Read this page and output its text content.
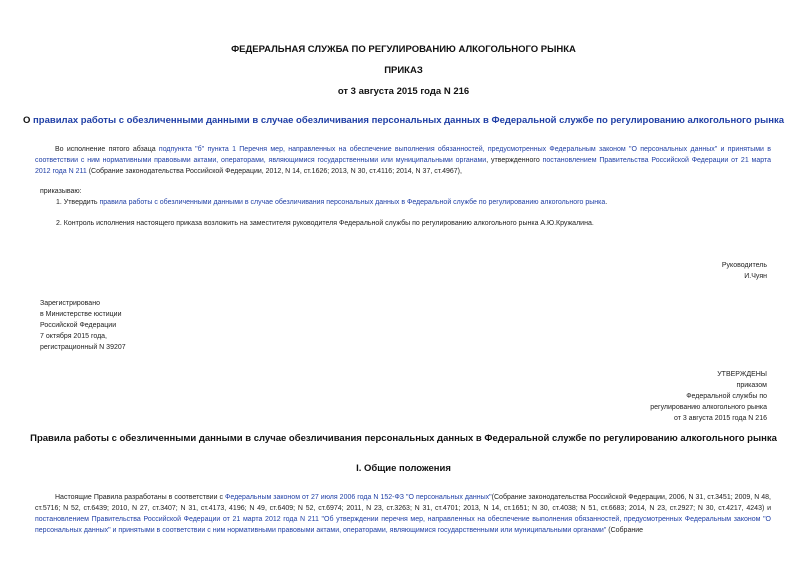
ФЕДЕРАЛЬНАЯ СЛУЖБА ПО РЕГУЛИРОВАНИЮ АЛКОГОЛЬНОГО РЫНКА
ПРИКАЗ
от 3 августа 2015 года N 216
О правилах работы с обезличенными данными в случае обезличивания персональных данных в Федеральной службе по регулированию алкогольного рынка
Во исполнение пятого абзаца подпункта "б" пункта 1 Перечня мер, направленных на обеспечение выполнения обязанностей, предусмотренных Федеральным законом "О персональных данных" и принятыми в соответствии с ним нормативными правовыми актами, операторами, являющимися государственными или муниципальными органами, утвержденного постановлением Правительства Российской Федерации от 21 марта 2012 года N 211 (Собрание законодательства Российской Федерации, 2012, N 14, ст.1626; 2013, N 30, ст.4116; 2014, N 37, ст.4967),
приказываю:
1. Утвердить правила работы с обезличенными данными в случае обезличивания персональных данных в Федеральной службе по регулированию алкогольного рынка.
2. Контроль исполнения настоящего приказа возложить на заместителя руководителя Федеральной службы по регулированию алкогольного рынка А.Ю.Кружалина.
Руководитель
И.Чуян
Зарегистрировано
в Министерстве юстиции
Российской Федерации
7 октября 2015 года,
регистрационный N 39207
УТВЕРЖДЕНЫ
приказом
Федеральной службы по
регулированию алкогольного рынка
от 3 августа 2015 года N 216
Правила работы с обезличенными данными в случае обезличивания персональных данных в Федеральной службе по регулированию алкогольного рынка
I. Общие положения
Настоящие Правила разработаны в соответствии с Федеральным законом от 27 июля 2006 года N 152-ФЗ "О персональных данных"(Собрание законодательства Российской Федерации, 2006, N 31, ст.3451; 2009, N 48, ст.5716; N 52, ст.6439; 2010, N 27, ст.3407; N 31, ст.4173, 4196; N 49, ст.6409; N 52, ст.6974; 2011, N 23, ст.3263; N 31, ст.4701; 2013, N 14, ст.1651; N 30, ст.4038; N 51, ст.6683; 2014, N 23, ст.2927; N 30, ст.4217, 4243) и постановлением Правительства Российской Федерации от 21 марта 2012 года N 211 "Об утверждении перечня мер, направленных на обеспечение выполнения обязанностей, предусмотренных Федеральным законом "О персональных данных" и принятыми в соответствии с ним нормативными правовыми актами, операторами, являющимися государственными или муниципальными органами" (Собрание
